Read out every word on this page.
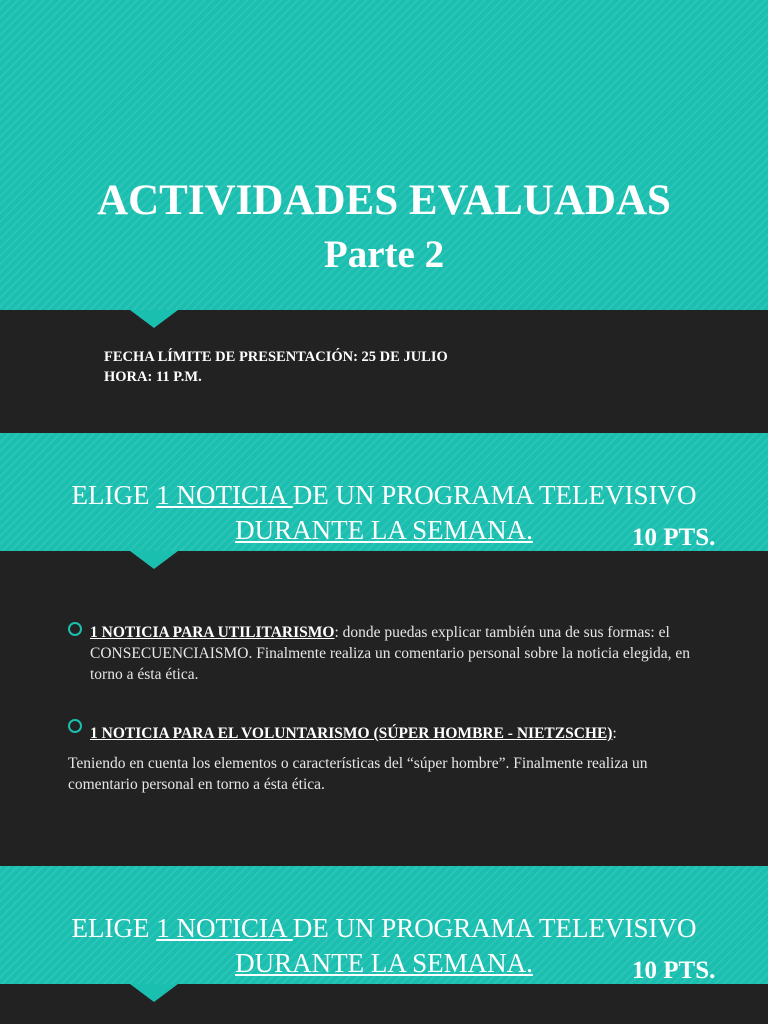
ACTIVIDADES EVALUADAS
Parte 2
FECHA LÍMITE DE PRESENTACIÓN: 25 DE JULIO
HORA: 11 P.M.
ELIGE 1 NOTICIA DE UN PROGRAMA TELEVISIVO
DURANTE LA SEMANA.	10 PTS.
1 NOTICIA PARA UTILITARISMO: donde puedas explicar también una de sus formas: el CONSECUENCIAISMO. Finalmente realiza un comentario personal sobre la noticia elegida, en torno a ésta ética.
1 NOTICIA PARA EL VOLUNTARISMO (SÚPER HOMBRE - NIETZSCHE):
Teniendo en cuenta los elementos o características del “súper hombre”. Finalmente realiza un comentario personal en torno a ésta ética.
ELIGE 1 NOTICIA DE UN PROGRAMA TELEVISIVO
DURANTE LA SEMANA.	10 PTS.
